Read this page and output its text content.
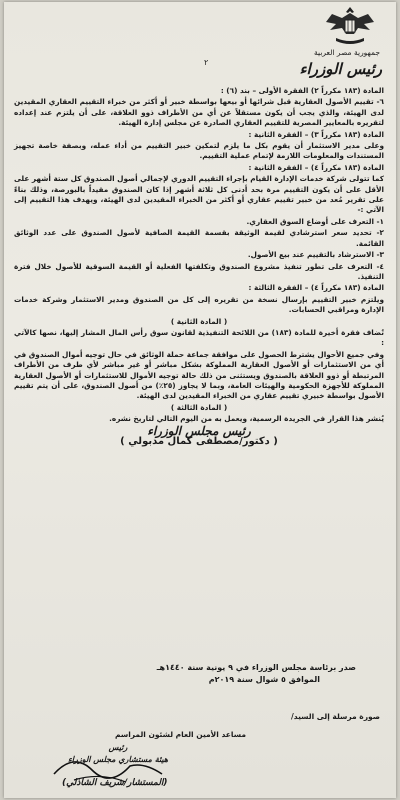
جمهورية مصر العربية
رئيس الوزراء
٢

المادة (١٨٣ مكرراً ٢) الفقرة الأولى – بند (٦) :

٦- تقييم الأصول العقارية قبل شرائها أو بيعها بواسطة خبير أو أكثر من خبراء التقييم العقاري المقيدين لدى الهيئة، والذي يجب أن يكون مستقلاً عن أي من الأطراف ذوو العلاقة، على أن يلتزم عند إعداده لتقريره بالمعايير المصرية للتقييم العقاري الصادرة عن مجلس إدارة الهيئة.

المادة (١٨٣ مكرراً ٣) – الفقرة الثانية :

وعلى مدير الاستثمار أن يقوم بكل ما يلزم لتمكين خبير التقييم من أداء عمله، وبصفة خاصة تجهيز المستندات والمعلومات اللازمة لإتمام عملية التقييم.

المادة (١٨٣ مكرراً ٤) – الفقرة الثانية :

كما تتولى شركة خدمات الإدارة القيام بإجراء التقييم الدوري لإجمالي أصول الصندوق كل ستة أشهر على الأقل على أن يكون التقييم مرة بحد أدنى كل ثلاثة أشهر إذا كان الصندوق مقيداً بالبورصة، وذلك بناءً على تقرير مُعد من خبير تقييم عقاري أو أكثر من الخبراء المقيدين لدى الهيئة، ويهدف هذا التقييم إلى الآتي :-

١- التعرف على أوضاع السوق العقاري.

٢- تحديد سعر استرشادي لقيمة الوثيقة بقسمة القيمة الصافية لأصول الصندوق على عدد الوثائق القائمة.

٣- الاسترشاد بالتقييم عند بيع الأصول.

٤- التعرف على تطور تنفيذ مشروع الصندوق وتكلفتها الفعلية أو القيمة السوقية للأصول خلال فترة التنفيذ.

المادة (١٨٣ مكرراً ٤) – الفقرة الثالثة :

ويلتزم خبير التقييم بإرسال نسخة من تقريره إلى كل من الصندوق ومدير الاستثمار وشركة خدمات الإدارة ومراقبي الحسابات.

( المادة الثانية )

تُضاف فقرة أخيرة للمادة (١٨٣) من اللائحة التنفيذية لقانون سوق رأس المال المشار إليها، نصها كالآتي :

وفي جميع الأحوال يشترط الحصول على موافقة جماعة حملة الوثائق في حال توجيه أموال الصندوق في أي من الاستثمارات أو الأصول العقارية المملوكة بشكل مباشر أو غير مباشر لأي طرف من الأطراف المرتبطة أو ذوو العلاقة بالصندوق ويستثنى من ذلك حالة توجيه الأموال للاستثمارات أو الأصول العقارية المملوكة للأجهزة الحكومية والهيئات العامة، وبما لا يجاوز (٢٥٪) من أصول الصندوق، على أن يتم تقييم الأصول بواسطة خبيري تقييم عقاري من الخبراء المقيدين لدى الهيئة.

( المادة الثالثة )

يُنشر هذا القرار في الجريدة الرسمية، ويعمل به من اليوم التالي لتاريخ نشره.

رئيس مجلس الوزراء

( دكتور/مصطفى كمال مدبولي )

صدر برئاسة مجلس الوزراء في ٩ يونية سنة ١٤٤٠هـ
الموافق ٥ شوال سنة ٢٠١٩م
صورة مرسلة إلى السيد/
مساعد الأمين العام لشئون المراسم
رئيس
هيئة مستشاري مجلس الوزراء
(المستشار/شريف الشاذلي)
